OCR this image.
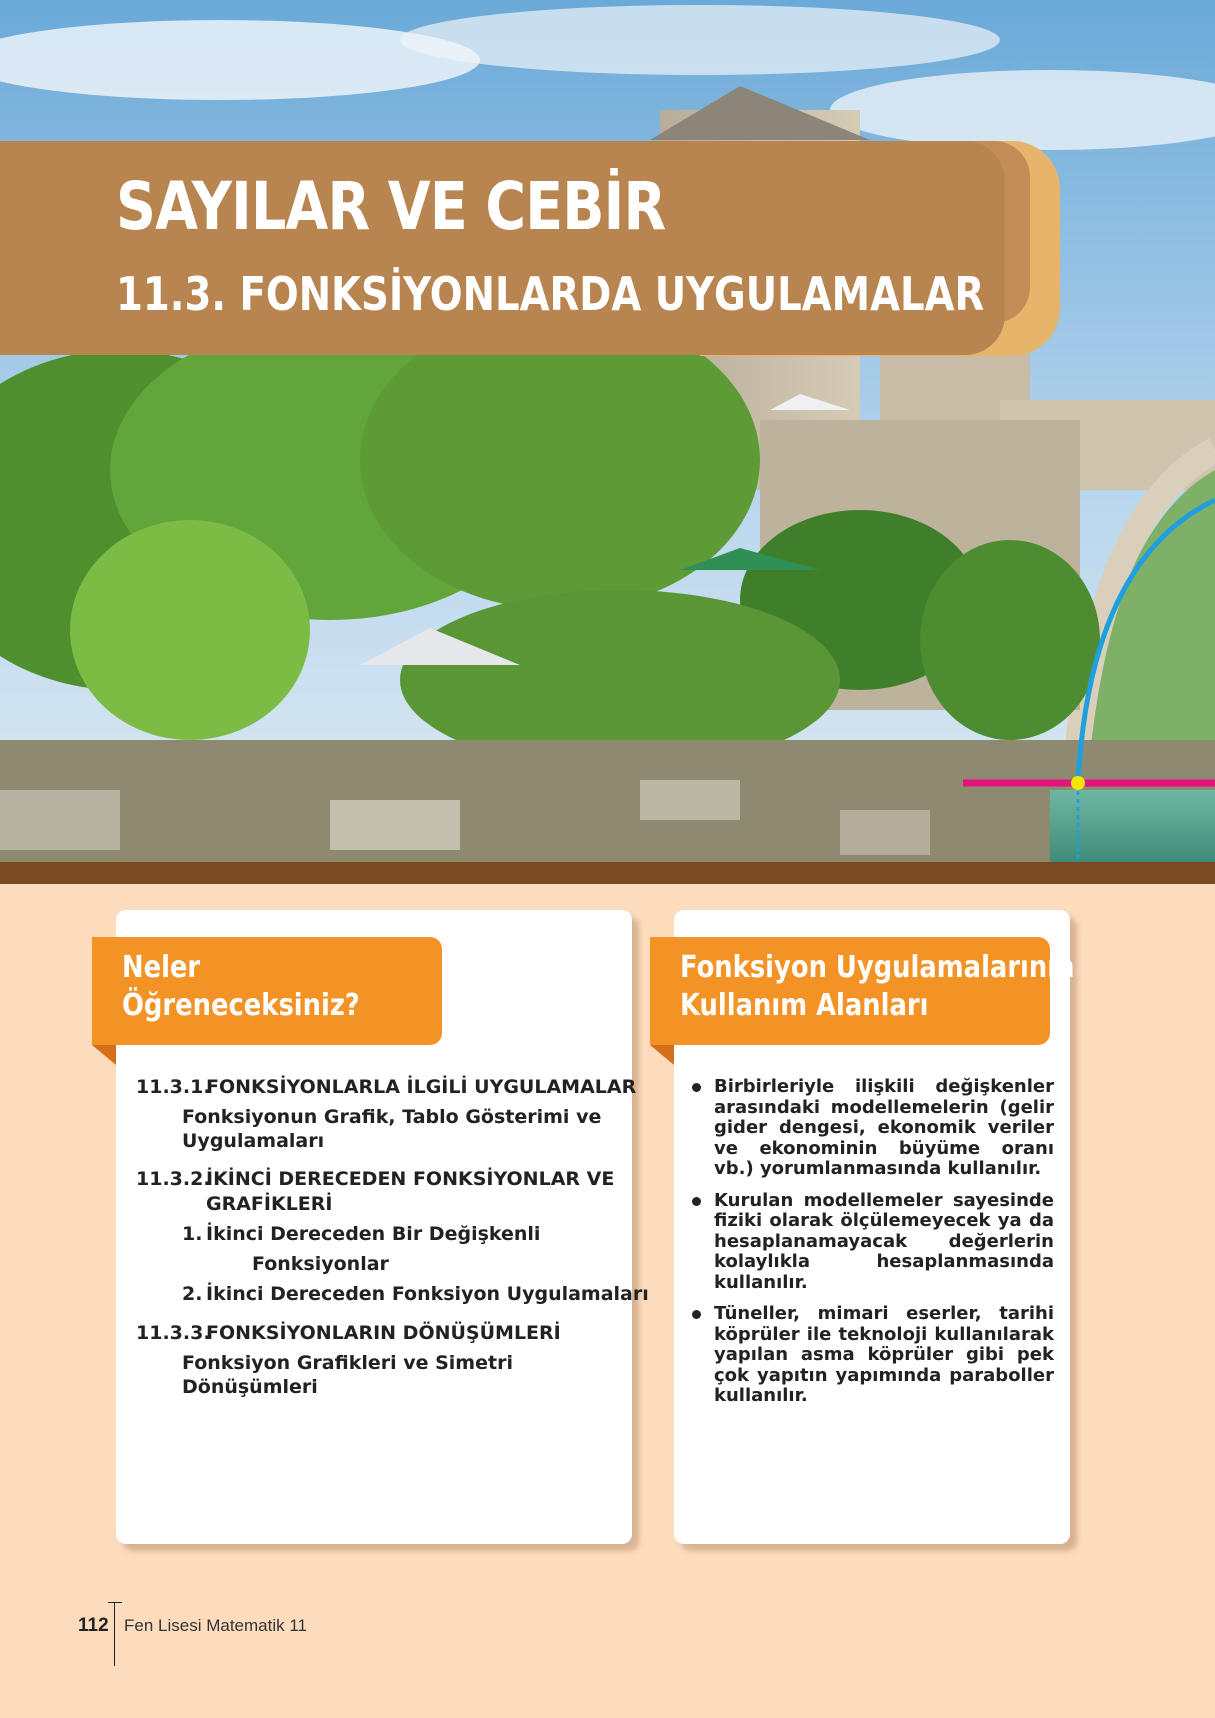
SAYILAR VE CEBİR
11.3. FONKSİYONLARDA UYGULAMALAR
Neler
Öğreneceksiniz?
11.3.1.FONKSİYONLARLA İLGİLİ UYGULAMALAR
Fonksiyonun Grafik, Tablo Gösterimi ve
Uygulamaları
11.3.2.İKİNCİ DERECEDEN FONKSİYONLAR VE
GRAFİKLERİ
1. İkinci Dereceden Bir Değişkenli
Fonksiyonlar
2. İkinci Dereceden Fonksiyon Uygulamaları
11.3.3.FONKSİYONLARIN DÖNÜŞÜMLERİ
Fonksiyon Grafikleri ve Simetri Dönüşümleri
Fonksiyon Uygulamalarının
Kullanım Alanları
Birbirleriyle ilişkili değişkenler arasındaki modellemelerin (gelir gider dengesi, ekonomik veriler ve ekonominin büyüme oranı vb.) yorumlanmasında kullanılır.
Kurulan modellemeler sayesinde fiziki olarak ölçülemeyecek ya da hesaplanamayacak değerlerin kolaylıkla hesaplanmasında kullanılır.
Tüneller, mimari eserler, tarihi köprüler ile teknoloji kullanılarak yapılan asma köprüler gibi pek çok yapıtın yapımında paraboller kullanılır.
112 Fen Lisesi Matematik 11
